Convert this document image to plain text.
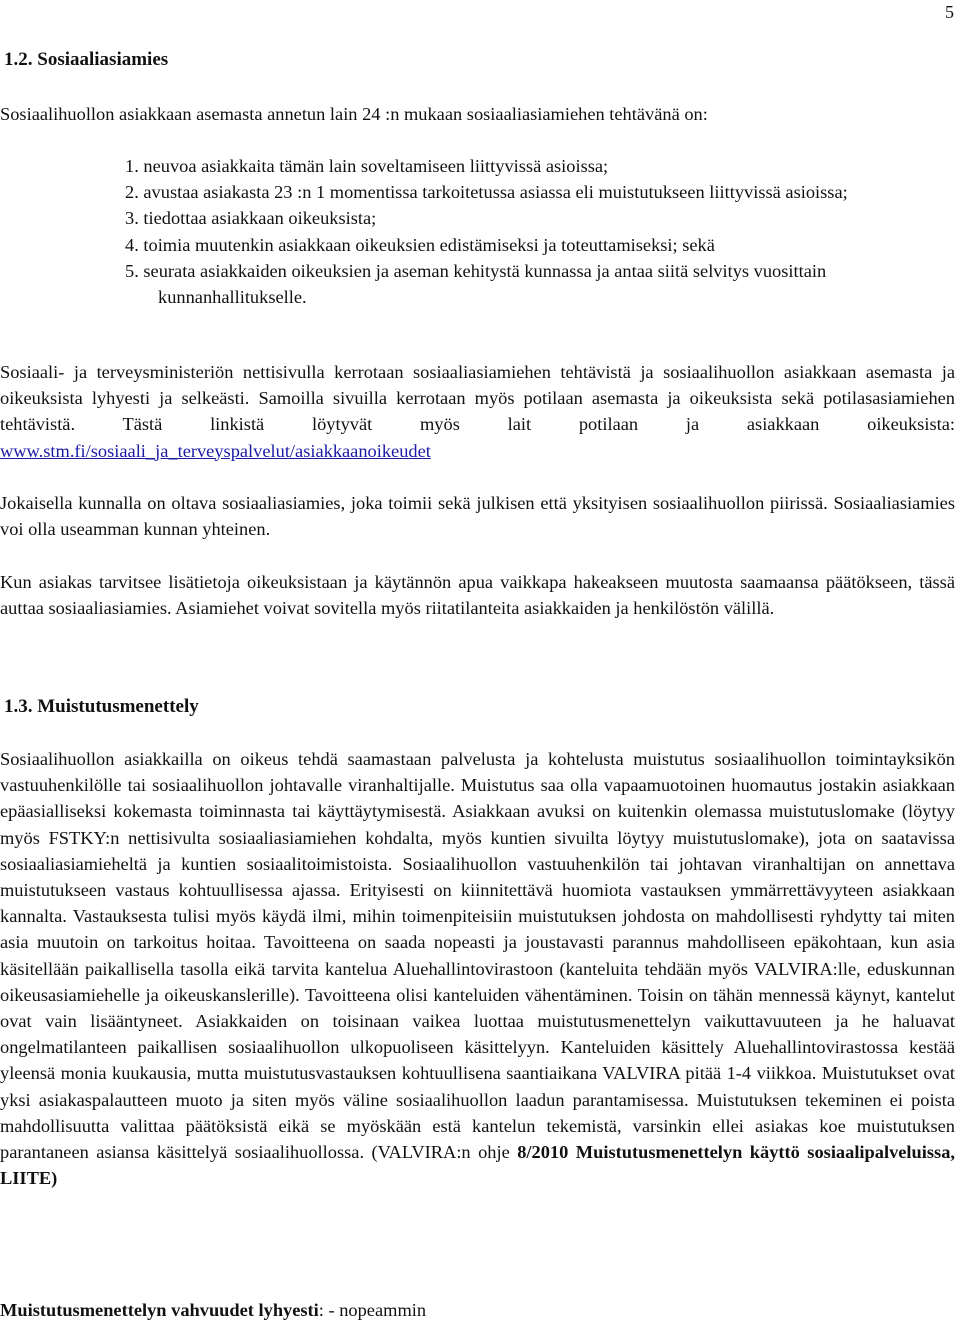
5
1.2. Sosiaaliasiamies

Sosiaalihuollon asiakkaan asemasta annetun lain 24 :n mukaan sosiaaliasiamiehen tehtävänä on:

1. neuvoa asiakkaita tämän lain soveltamiseen liittyvissä asioissa;
2. avustaa asiakasta 23 :n 1 momentissa tarkoitetussa asiassa eli muistutukseen liittyvissä asioissa;
3. tiedottaa asiakkaan oikeuksista;
4. toimia muutenkin asiakkaan oikeuksien edistämiseksi ja toteuttamiseksi; sekä
5. seurata asiakkaiden oikeuksien ja aseman kehitystä kunnassa ja antaa siitä selvitys vuosittain kunnanhallitukselle.

Sosiaali- ja terveysministeriön nettisivulla kerrotaan sosiaaliasiamiehen tehtävistä ja sosiaalihuollon asiakkaan asemasta ja oikeuksista lyhyesti ja selkeästi. Samoilla sivuilla kerrotaan myös potilaan asemasta ja oikeuksista sekä potilasasiamiehen tehtävistä. Tästä linkistä löytyvät myös lait potilaan ja asiakkaan oikeuksista: www.stm.fi/sosiaali_ja_terveyspalvelut/asiakkaanoikeudet

Jokaisella kunnalla on oltava sosiaaliasiamies, joka toimii sekä julkisen että yksityisen sosiaalihuollon piirissä. Sosiaaliasiamies voi olla useamman kunnan yhteinen.

Kun asiakas tarvitsee lisätietoja oikeuksistaan ja käytännön apua vaikkapa hakeakseen muutosta saamaansa päätökseen, tässä auttaa sosiaaliasiamies. Asiamiehet voivat sovitella myös riitatilanteita asiakkaiden ja henkilöstön välillä.

1.3. Muistutusmenettely

Sosiaalihuollon asiakkailla on oikeus tehdä saamastaan palvelusta ja kohtelusta muistutus sosiaalihuollon toimintayksikön vastuuhenkilölle tai sosiaalihuollon johtavalle viranhaltijalle. Muistutus saa olla vapaamuotoinen huomautus jostakin asiakkaan epäasialliseksi kokemasta toiminnasta tai käyttäytymisestä. Asiakkaan avuksi on kuitenkin olemassa muistutuslomake (löytyy myös FSTKY:n nettisivulta sosiaaliasiamiehen kohdalta, myös kuntien sivuilta löytyy muistutuslomake), jota on saatavissa sosiaaliasiamieheltä ja kuntien sosiaalitoimistoista. Sosiaalihuollon vastuuhenkilön tai johtavan viranhaltijan on annettava muistutukseen vastaus kohtuullisessa ajassa. Erityisesti on kiinnitettävä huomiota vastauksen ymmärrettävyyteen asiakkaan kannalta. Vastauksesta tulisi myös käydä ilmi, mihin toimenpiteisiin muistutuksen johdosta on mahdollisesti ryhdytty tai miten asia muutoin on tarkoitus hoitaa. Tavoitteena on saada nopeasti ja joustavasti parannus mahdolliseen epäkohtaan, kun asia käsitellään paikallisella tasolla eikä tarvita kantelua Aluehallintovirastoon (kanteluita tehdään myös VALVIRA:lle, eduskunnan oikeusasiamiehelle ja oikeuskanslerille). Tavoitteena olisi kanteluiden vähentäminen. Toisin on tähän mennessä käynyt, kantelut ovat vain lisääntyneet. Asiakkaiden on toisinaan vaikea luottaa muistutusmenettelyn vaikuttavuuteen ja he haluavat ongelmatilanteen paikallisen sosiaalihuollon ulkopuoliseen käsittelyyn. Kanteluiden käsittely Aluehallintovirastossa kestää yleensä monia kuukausia, mutta muistutusvastauksen kohtuullisena saantiaikana VALVIRA pitää 1-4 viikkoa. Muistutukset ovat yksi asiakaspalautteen muoto ja siten myös väline sosiaalihuollon laadun parantamisessa. Muistutuksen tekeminen ei poista mahdollisuutta valittaa päätöksistä eikä se myöskään estä kantelun tekemistä, varsinkin ellei asiakas koe muistutuksen parantaneen asiansa käsittelyä sosiaalihuollossa. (VALVIRA:n ohje 8/2010 Muistutusmenettelyn käyttö sosiaalipalveluissa, LIITE)

Muistutusmenettelyn vahvuudet lyhyesti: - nopeammin
